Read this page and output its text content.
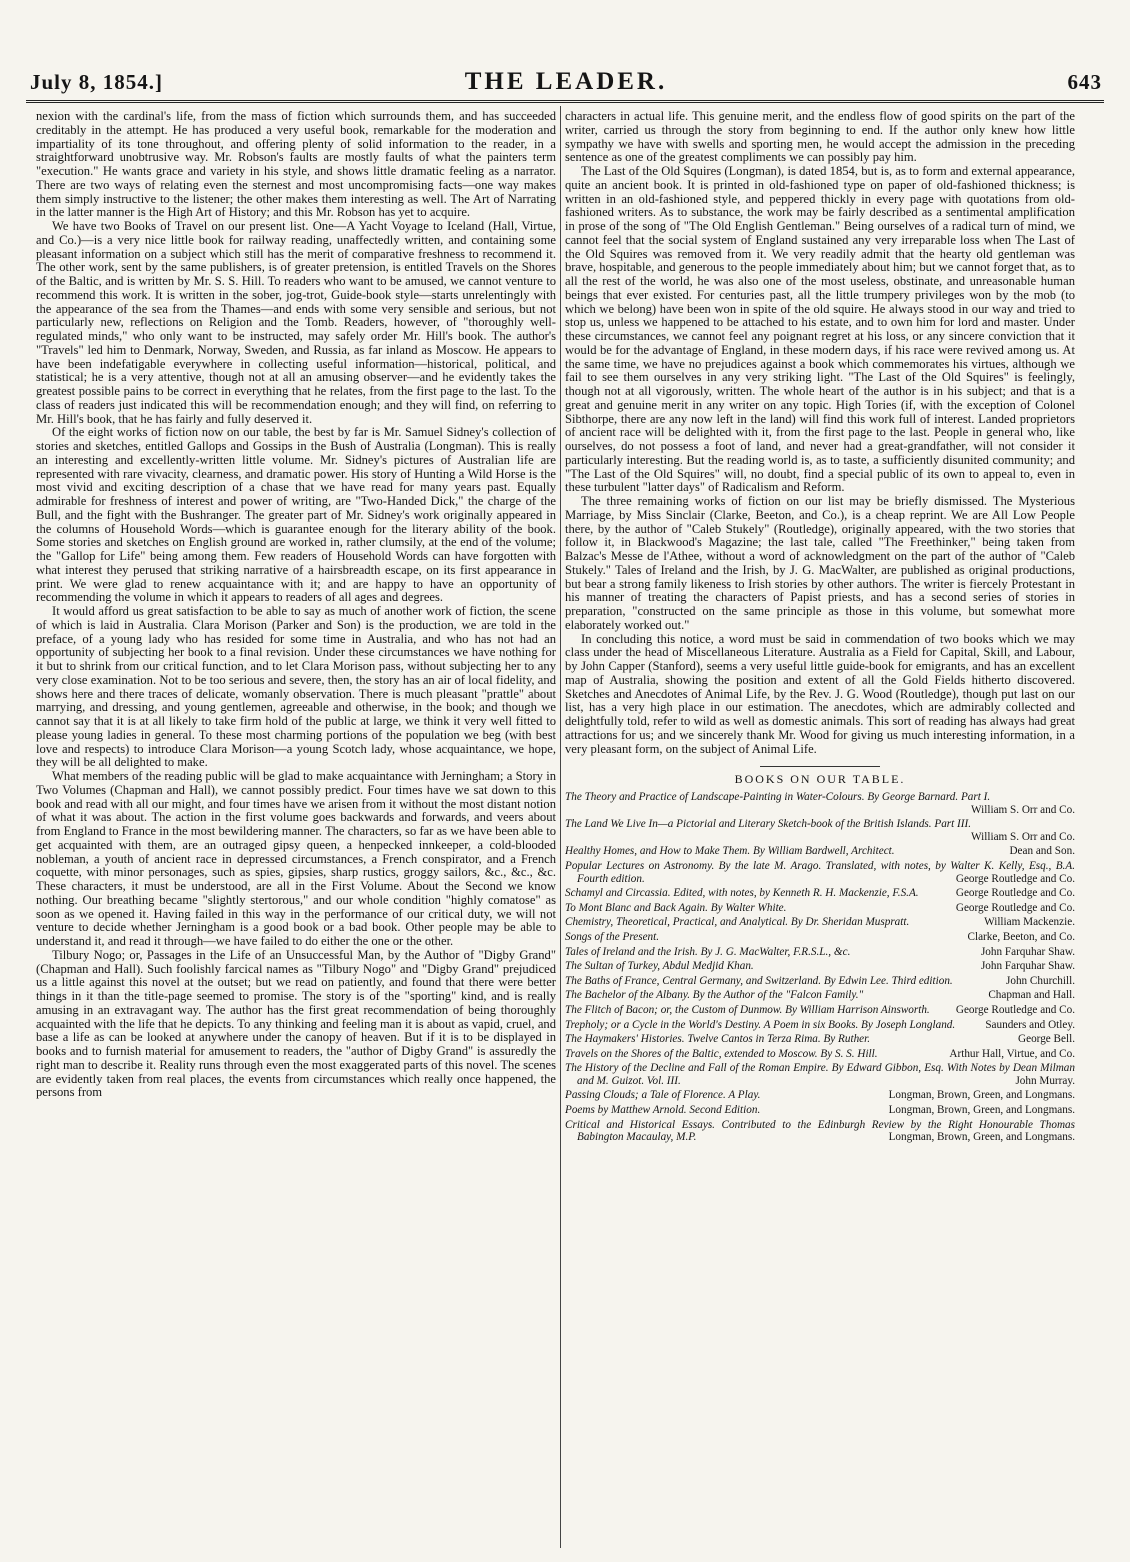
July 8, 1854.]	THE LEADER.	643

nexion with the cardinal's life, from the mass of fiction which surrounds them, and has succeeded creditably in the attempt. He has produced a very useful book, remarkable for the moderation and impartiality of its tone throughout, and offering plenty of solid information to the reader, in a straightforward unobtrusive way. Mr. Robson's faults are mostly faults of what the painters term "execution." He wants grace and variety in his style, and shows little dramatic feeling as a narrator. There are two ways of relating even the sternest and most uncompromising facts—one way makes them simply instructive to the listener; the other makes them interesting as well. The Art of Narrating in the latter manner is the High Art of History; and this Mr. Robson has yet to acquire.

We have two Books of Travel on our present list. One—A Yacht Voyage to Iceland (Hall, Virtue, and Co.)—is a very nice little book for railway reading, unaffectedly written, and containing some pleasant information on a subject which still has the merit of comparative freshness to recommend it. The other work, sent by the same publishers, is of greater pretension, is entitled Travels on the Shores of the Baltic, and is written by Mr. S. S. Hill. To readers who want to be amused, we cannot venture to recommend this work. It is written in the sober, jog-trot, Guide-book style—starts unrelentingly with the appearance of the sea from the Thames—and ends with some very sensible and serious, but not particularly new, reflections on Religion and the Tomb. Readers, however, of "thoroughly well-regulated minds," who only want to be instructed, may safely order Mr. Hill's book. The author's "Travels" led him to Denmark, Norway, Sweden, and Russia, as far inland as Moscow. He appears to have been indefatigable everywhere in collecting useful information—historical, political, and statistical; he is a very attentive, though not at all an amusing observer—and he evidently takes the greatest possible pains to be correct in everything that he relates, from the first page to the last. To the class of readers just indicated this will be recommendation enough; and they will find, on referring to Mr. Hill's book, that he has fairly and fully deserved it.

Of the eight works of fiction now on our table, the best by far is Mr. Samuel Sidney's collection of stories and sketches, entitled Gallops and Gossips in the Bush of Australia (Longman). This is really an interesting and excellently-written little volume. Mr. Sidney's pictures of Australian life are represented with rare vivacity, clearness, and dramatic power. His story of Hunting a Wild Horse is the most vivid and exciting description of a chase that we have read for many years past. Equally admirable for freshness of interest and power of writing, are "Two-Handed Dick," the charge of the Bull, and the fight with the Bushranger. The greater part of Mr. Sidney's work originally appeared in the columns of Household Words—which is guarantee enough for the literary ability of the book. Some stories and sketches on English ground are worked in, rather clumsily, at the end of the volume; the "Gallop for Life" being among them. Few readers of Household Words can have forgotten with what interest they perused that striking narrative of a hairsbreadth escape, on its first appearance in print. We were glad to renew acquaintance with it; and are happy to have an opportunity of recommending the volume in which it appears to readers of all ages and degrees.

It would afford us great satisfaction to be able to say as much of another work of fiction, the scene of which is laid in Australia. Clara Morison (Parker and Son) is the production, we are told in the preface, of a young lady who has resided for some time in Australia, and who has not had an opportunity of subjecting her book to a final revision. Under these circumstances we have nothing for it but to shrink from our critical function, and to let Clara Morison pass, without subjecting her to any very close examination. Not to be too serious and severe, then, the story has an air of local fidelity, and shows here and there traces of delicate, womanly observation. There is much pleasant "prattle" about marrying, and dressing, and young gentlemen, agreeable and otherwise, in the book; and though we cannot say that it is at all likely to take firm hold of the public at large, we think it very well fitted to please young ladies in general. To these most charming portions of the population we beg (with best love and respects) to introduce Clara Morison—a young Scotch lady, whose acquaintance, we hope, they will be all delighted to make.

What members of the reading public will be glad to make acquaintance with Jerningham; a Story in Two Volumes (Chapman and Hall), we cannot possibly predict. Four times have we sat down to this book and read with all our might, and four times have we arisen from it without the most distant notion of what it was about. The action in the first volume goes backwards and forwards, and veers about from England to France in the most bewildering manner. The characters, so far as we have been able to get acquainted with them, are an outraged gipsy queen, a henpecked innkeeper, a cold-blooded nobleman, a youth of ancient race in depressed circumstances, a French conspirator, and a French coquette, with minor personages, such as spies, gipsies, sharp rustics, groggy sailors, &c., &c., &c. These characters, it must be understood, are all in the First Volume. About the Second we know nothing. Our breathing became "slightly stertorous," and our whole condition "highly comatose" as soon as we opened it. Having failed in this way in the performance of our critical duty, we will not venture to decide whether Jerningham is a good book or a bad book. Other people may be able to understand it, and read it through—we have failed to do either the one or the other.

Tilbury Nogo; or, Passages in the Life of an Unsuccessful Man, by the Author of "Digby Grand" (Chapman and Hall). Such foolishly farcical names as "Tilbury Nogo" and "Digby Grand" prejudiced us a little against this novel at the outset; but we read on patiently, and found that there were better things in it than the title-page seemed to promise. The story is of the "sporting" kind, and is really amusing in an extravagant way. The author has the first great recommendation of being thoroughly acquainted with the life that he depicts. To any thinking and feeling man it is about as vapid, cruel, and base a life as can be looked at anywhere under the canopy of heaven. But if it is to be displayed in books and to furnish material for amusement to readers, the "author of Digby Grand" is assuredly the right man to describe it. Reality runs through even the most exaggerated parts of this novel. The scenes are evidently taken from real places, the events from circumstances which really once happened, the persons from

characters in actual life. This genuine merit, and the endless flow of good spirits on the part of the writer, carried us through the story from beginning to end. If the author only knew how little sympathy we have with swells and sporting men, he would accept the admission in the preceding sentence as one of the greatest compliments we can possibly pay him.

The Last of the Old Squires (Longman), is dated 1854, but is, as to form and external appearance, quite an ancient book. It is printed in old-fashioned type on paper of old-fashioned thickness; is written in an old-fashioned style, and peppered thickly in every page with quotations from old-fashioned writers. As to substance, the work may be fairly described as a sentimental amplification in prose of the song of "The Old English Gentleman." Being ourselves of a radical turn of mind, we cannot feel that the social system of England sustained any very irreparable loss when The Last of the Old Squires was removed from it. We very readily admit that the hearty old gentleman was brave, hospitable, and generous to the people immediately about him; but we cannot forget that, as to all the rest of the world, he was also one of the most useless, obstinate, and unreasonable human beings that ever existed. For centuries past, all the little trumpery privileges won by the mob (to which we belong) have been won in spite of the old squire. He always stood in our way and tried to stop us, unless we happened to be attached to his estate, and to own him for lord and master. Under these circumstances, we cannot feel any poignant regret at his loss, or any sincere conviction that it would be for the advantage of England, in these modern days, if his race were revived among us. At the same time, we have no prejudices against a book which commemorates his virtues, although we fail to see them ourselves in any very striking light. "The Last of the Old Squires" is feelingly, though not at all vigorously, written. The whole heart of the author is in his subject; and that is a great and genuine merit in any writer on any topic. High Tories (if, with the exception of Colonel Sibthorpe, there are any now left in the land) will find this work full of interest. Landed proprietors of ancient race will be delighted with it, from the first page to the last. People in general who, like ourselves, do not possess a foot of land, and never had a great-grandfather, will not consider it particularly interesting. But the reading world is, as to taste, a sufficiently disunited community; and "The Last of the Old Squires" will, no doubt, find a special public of its own to appeal to, even in these turbulent "latter days" of Radicalism and Reform.

The three remaining works of fiction on our list may be briefly dismissed. The Mysterious Marriage, by Miss Sinclair (Clarke, Beeton, and Co.), is a cheap reprint. We are All Low People there, by the author of "Caleb Stukely" (Routledge), originally appeared, with the two stories that follow it, in Blackwood's Magazine; the last tale, called "The Freethinker," being taken from Balzac's Messe de l'Athee, without a word of acknowledgment on the part of the author of "Caleb Stukely." Tales of Ireland and the Irish, by J. G. MacWalter, are published as original productions, but bear a strong family likeness to Irish stories by other authors. The writer is fiercely Protestant in his manner of treating the characters of Papist priests, and has a second series of stories in preparation, "constructed on the same principle as those in this volume, but somewhat more elaborately worked out."

In concluding this notice, a word must be said in commendation of two books which we may class under the head of Miscellaneous Literature. Australia as a Field for Capital, Skill, and Labour, by John Capper (Stanford), seems a very useful little guide-book for emigrants, and has an excellent map of Australia, showing the position and extent of all the Gold Fields hitherto discovered. Sketches and Anecdotes of Animal Life, by the Rev. J. G. Wood (Routledge), though put last on our list, has a very high place in our estimation. The anecdotes, which are admirably collected and delightfully told, refer to wild as well as domestic animals. This sort of reading has always had great attractions for us; and we sincerely thank Mr. Wood for giving us much interesting information, in a very pleasant form, on the subject of Animal Life.

BOOKS ON OUR TABLE.
The Theory and Practice of Landscape-Painting in Water-Colours. By George Barnard. Part I.
William S. Orr and Co.
The Land We Live In—a Pictorial and Literary Sketch-book of the British Islands. Part III.
William S. Orr and Co.
Healthy Homes, and How to Make Them. By William Bardwell, Architect.	Dean and Son.
Popular Lectures on Astronomy. By the late M. Arago. Translated, with notes, by Walter K. Kelly, Esq., B.A. Fourth edition.	George Routledge and Co.
Schamyl and Circassia. Edited, with notes, by Kenneth R. H. Mackenzie, F.S.A.	George Routledge and Co.
To Mont Blanc and Back Again. By Walter White.	George Routledge and Co.
Chemistry, Theoretical, Practical, and Analytical. By Dr. Sheridan Muspratt.	William Mackenzie.
Songs of the Present.	Clarke, Beeton, and Co.
Tales of Ireland and the Irish. By J. G. MacWalter, F.R.S.L., &c.	John Farquhar Shaw.
The Sultan of Turkey, Abdul Medjid Khan.	John Farquhar Shaw.
The Baths of France, Central Germany, and Switzerland. By Edwin Lee. Third edition.	John Churchill.
The Bachelor of the Albany. By the Author of the "Falcon Family."	Chapman and Hall.
The Flitch of Bacon; or, the Custom of Dunmow. By William Harrison Ainsworth.	George Routledge and Co.
Trepholy; or a Cycle in the World's Destiny. A Poem in six Books. By Joseph Longland.	Saunders and Otley.
The Haymakers' Histories. Twelve Cantos in Terza Rima. By Ruther.	George Bell.
Travels on the Shores of the Baltic, extended to Moscow. By S. S. Hill.	Arthur Hall, Virtue, and Co.
The History of the Decline and Fall of the Roman Empire. By Edward Gibbon, Esq. With Notes by Dean Milman and M. Guizot. Vol. III.	John Murray.
Passing Clouds; a Tale of Florence. A Play.	Longman, Brown, Green, and Longmans.
Poems by Matthew Arnold. Second Edition.	Longman, Brown, Green, and Longmans.
Critical and Historical Essays. Contributed to the Edinburgh Review by the Right Honourable Thomas Babington Macaulay, M.P.	Longman, Brown, Green, and Longmans.
